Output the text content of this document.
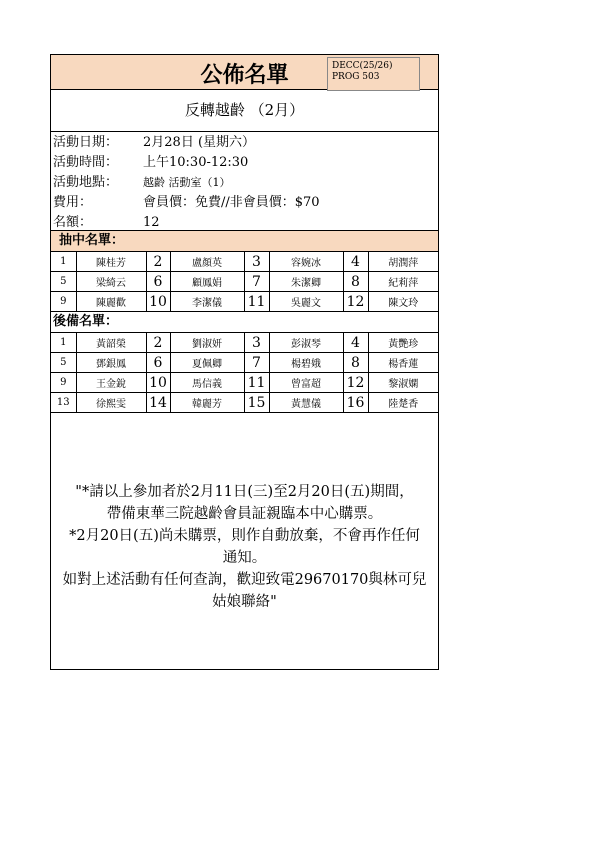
公佈名單	DECC(25/26)
PROG 503
反轉越齡 （2月）
活動日期： 2月28日 (星期六）
活動時間： 上午10:30-12:30
活動地點： 越齡 活動室（1）
費用：	會員價：免費//非會員價：$70
名額：	12
抽中名單：
1	陳桂芳	2	盧顏英	3	容婉冰	4	胡潤萍
5	梁綺云	6	顧鳳娟	7	朱潔卿	8	紀莉萍
9	陳麗歡	10	李潔儀	11	吳麗文	12	陳文玲
後備名單：
1	黃韶榮	2	劉淑妍	3	彭淑琴	4	黃艷珍
5	鄧銀鳳	6	夏佩卿	7	楊碧娥	8	楊香蓮
9	王金銳	10	馬信義	11	曾富超	12	黎淑嫻
13	徐熙雯	14	韓麗芳	15	黃慧儀	16	陸楚香
"*請以上參加者於2月11日(三)至2月20日(五)期間，
帶備東華三院越齡會員証親臨本中心購票。
*2月20日(五)尚未購票，則作自動放棄，不會再作任何
通知。
如對上述活動有任何查詢，歡迎致電29670170與林可兒
姑娘聯絡"
